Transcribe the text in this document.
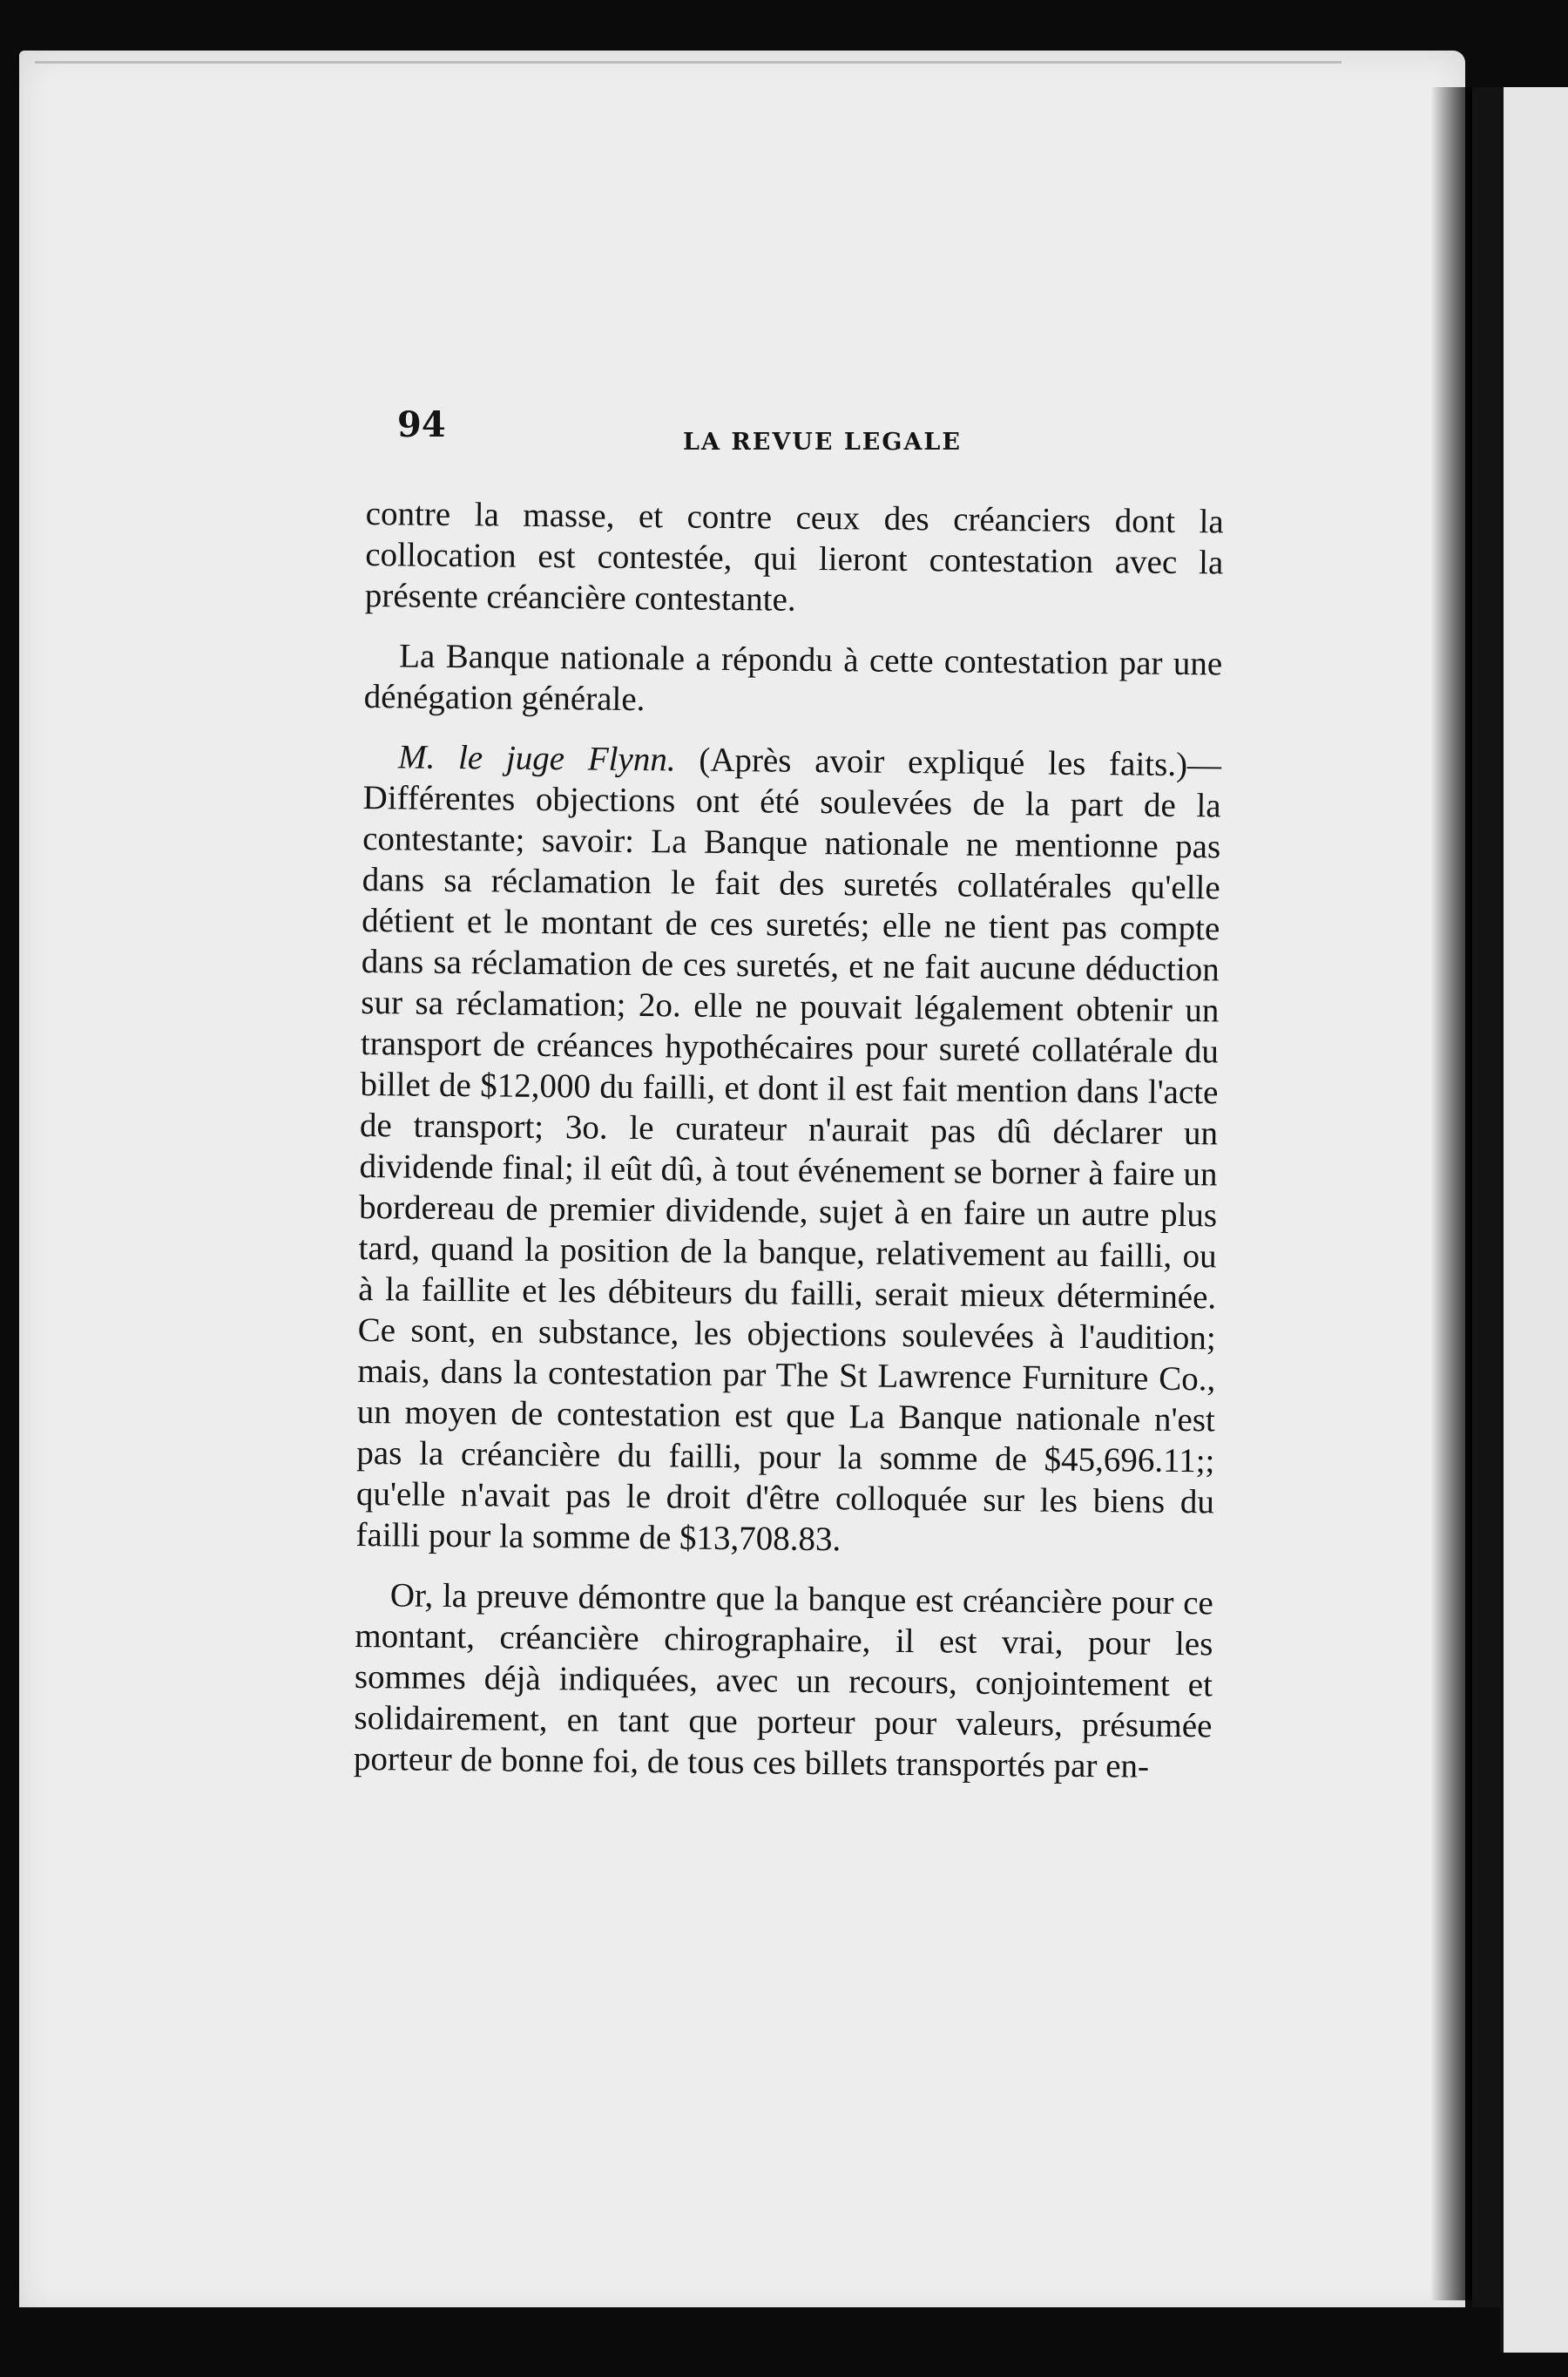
94	LA REVUE LEGALE

contre la masse, et contre ceux des créanciers dont la collocation est contestée, qui lieront contestation avec la présente créancière contestante.

La Banque nationale a répondu à cette contestation par une dénégation générale.

M. le juge Flynn. (Après avoir expliqué les faits.)— Différentes objections ont été soulevées de la part de la contestante; savoir: La Banque nationale ne mentionne pas dans sa réclamation le fait des suretés collatérales qu'elle détient et le montant de ces suretés; elle ne tient pas compte dans sa réclamation de ces suretés, et ne fait aucune déduction sur sa réclamation; 2o. elle ne pouvait légalement obtenir un transport de créances hypothécaires pour sureté collatérale du billet de $12,000 du failli, et dont il est fait mention dans l'acte de transport; 3o. le curateur n'aurait pas dû déclarer un dividende final; il eût dû, à tout événement se borner à faire un bordereau de premier dividende, sujet à en faire un autre plus tard, quand la position de la banque, relativement au failli, ou à la faillite et les débiteurs du failli, serait mieux déterminée. Ce sont, en substance, les objections soulevées à l'audition; mais, dans la contestation par The St Lawrence Furniture Co., un moyen de contestation est que La Banque nationale n'est pas la créancière du failli, pour la somme de $45,696.11;; qu'elle n'avait pas le droit d'être colloquée sur les biens du failli pour la somme de $13,708.83.

Or, la preuve démontre que la banque est créancière pour ce montant, créancière chirographaire, il est vrai, pour les sommes déjà indiquées, avec un recours, conjointement et solidairement, en tant que porteur pour valeurs, présumée porteur de bonne foi, de tous ces billets transportés par en-
